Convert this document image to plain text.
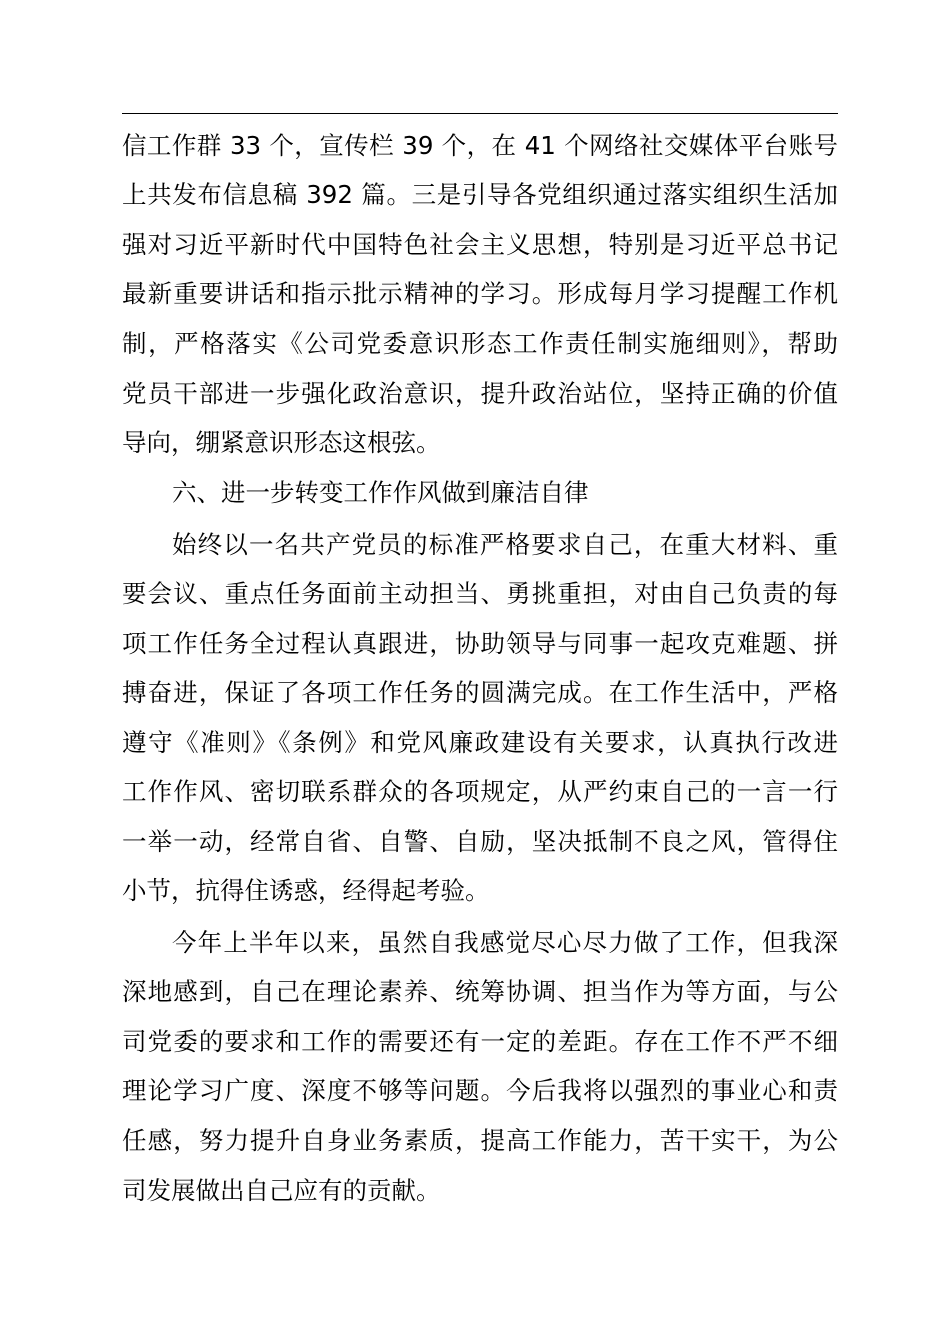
信工作群 33 个，宣传栏 39 个，在 41 个网络社交媒体平台账号
上共发布信息稿 392 篇。三是引导各党组织通过落实组织生活加
强对习近平新时代中国特色社会主义思想，特别是习近平总书记
最新重要讲话和指示批示精神的学习。形成每月学习提醒工作机
制，严格落实《公司党委意识形态工作责任制实施细则》，帮助
党员干部进一步强化政治意识，提升政治站位，坚持正确的价值
导向，绷紧意识形态这根弦。
六、进一步转变工作作风做到廉洁自律
始终以一名共产党员的标准严格要求自己，在重大材料、重
要会议、重点任务面前主动担当、勇挑重担，对由自己负责的每
项工作任务全过程认真跟进，协助领导与同事一起攻克难题、拼
搏奋进，保证了各项工作任务的圆满完成。在工作生活中，严格
遵守《准则》《条例》和党风廉政建设有关要求，认真执行改进
工作作风、密切联系群众的各项规定，从严约束自己的一言一行
一举一动，经常自省、自警、自励，坚决抵制不良之风，管得住
小节，抗得住诱惑，经得起考验。
今年上半年以来，虽然自我感觉尽心尽力做了工作，但我深
深地感到，自己在理论素养、统筹协调、担当作为等方面，与公
司党委的要求和工作的需要还有一定的差距。存在工作不严不细
理论学习广度、深度不够等问题。今后我将以强烈的事业心和责
任感，努力提升自身业务素质，提高工作能力，苦干实干，为公
司发展做出自己应有的贡献。
